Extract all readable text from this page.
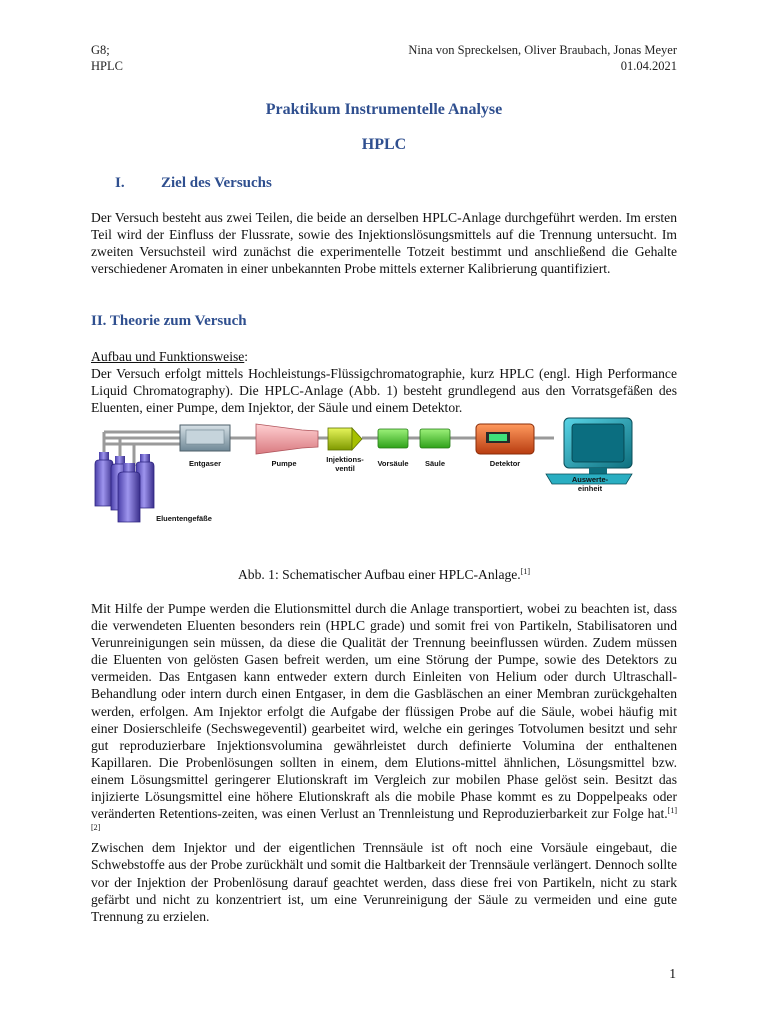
G8;
HPLC
Nina von Spreckelsen, Oliver Braubach, Jonas Meyer
01.04.2021
Praktikum Instrumentelle Analyse
HPLC
I. Ziel des Versuchs

Der Versuch besteht aus zwei Teilen, die beide an derselben HPLC-Anlage durchgeführt werden. Im ersten Teil wird der Einfluss der Flussrate, sowie des Injektionslösungsmittels auf die Trennung untersucht. Im zweiten Versuchsteil wird zunächst die experimentelle Totzeit bestimmt und anschließend die Gehalte verschiedener Aromaten in einer unbekannten Probe mittels externer Kalibrierung quantifiziert.

II. Theorie zum Versuch

Aufbau und Funktionsweise:

Der Versuch erfolgt mittels Hochleistungs-Flüssigchromatographie, kurz HPLC (engl. High Performance Liquid Chromatography). Die HPLC-Anlage (Abb. 1) besteht grundlegend aus den Vorratsgefäßen des Eluenten, einer Pumpe, dem Injektor, der Säule und einem Detektor.

Entgaser	Pumpe	Injektions-
ventil
Vorsäule Säule	Detektor
Auswerte-
einheit
Eluentengefäße
Abb. 1: Schematischer Aufbau einer HPLC-Anlage.[1]

Mit Hilfe der Pumpe werden die Elutionsmittel durch die Anlage transportiert, wobei zu beachten ist, dass die verwendeten Eluenten besonders rein (HPLC grade) und somit frei von Partikeln, Stabilisatoren und Verunreinigungen sein müssen, da diese die Qualität der Trennung beeinflussen würden. Zudem müssen die Eluenten von gelösten Gasen befreit werden, um eine Störung der Pumpe, sowie des Detektors zu vermeiden. Das Entgasen kann entweder extern durch Einleiten von Helium oder durch Ultraschall-Behandlung oder intern durch einen Entgaser, in dem die Gasbläschen an einer Membran zurückgehalten werden, erfolgen. Am Injektor erfolgt die Aufgabe der flüssigen Probe auf die Säule, wobei häufig mit einer Dosierschleife (Sechswegeventil) gearbeitet wird, welche ein geringes Totvolumen besitzt und sehr gut reproduzierbare Injektionsvolumina gewährleistet durch definierte Volumina der enthaltenen Kapillaren. Die Probenlösungen sollten in einem, dem Elutions-mittel ähnlichen, Lösungsmittel bzw. einem Lösungsmittel geringerer Elutionskraft im Vergleich zur mobilen Phase gelöst sein. Besitzt das injizierte Lösungsmittel eine höhere Elutionskraft als die mobile Phase kommt es zu Doppelpeaks oder veränderten Retentions-zeiten, was einen Verlust an Trennleistung und Reproduzierbarkeit zur Folge hat.[1][2]

Zwischen dem Injektor und der eigentlichen Trennsäule ist oft noch eine Vorsäule eingebaut, die Schwebstoffe aus der Probe zurückhält und somit die Haltbarkeit der Trennsäule verlängert. Dennoch sollte vor der Injektion der Probenlösung darauf geachtet werden, dass diese frei von Partikeln, nicht zu stark gefärbt und nicht zu konzentriert ist, um eine Verunreinigung der Säule zu vermeiden und eine gute Trennung zu erzielen.

1
